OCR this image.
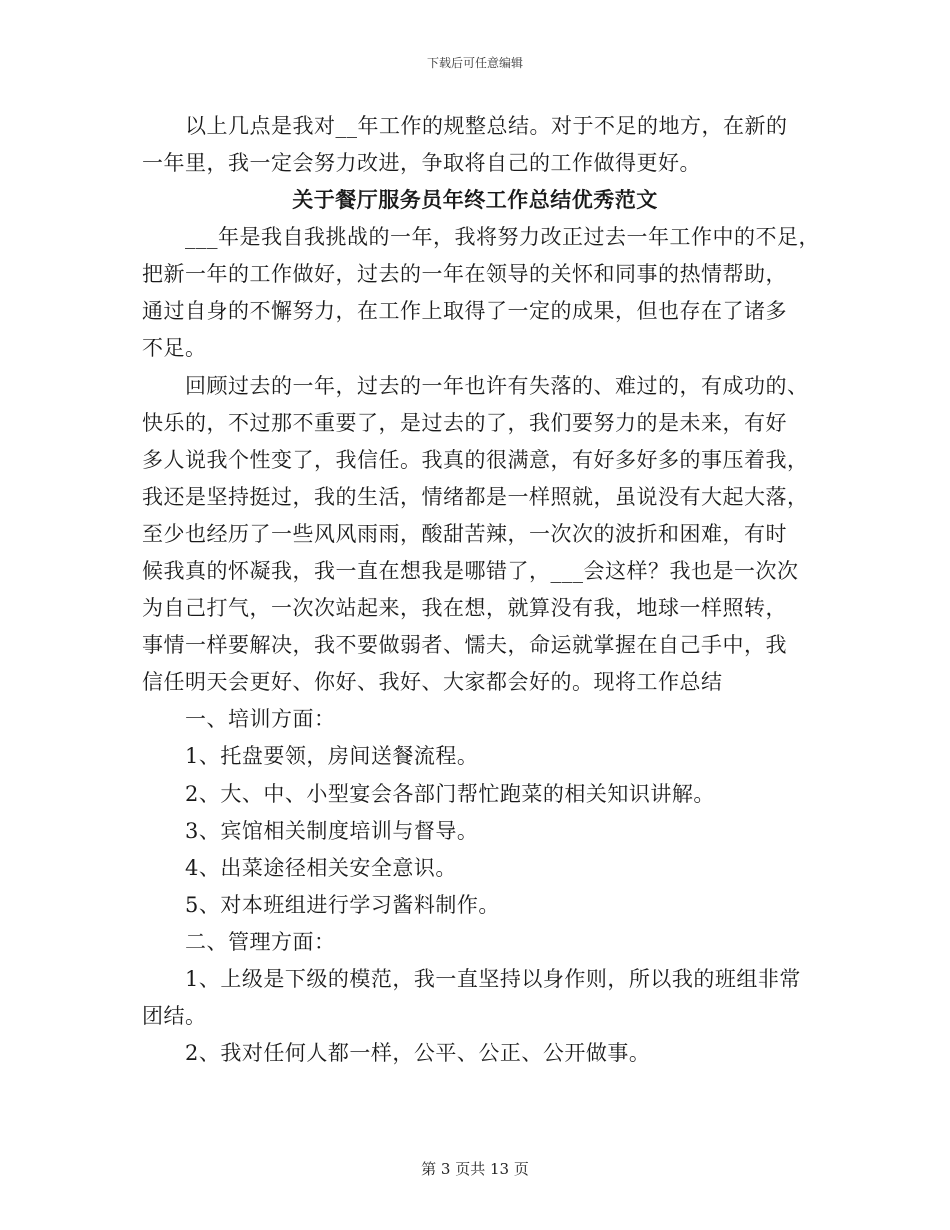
下载后可任意编辑
以上几点是我对__年工作的规整总结。对于不足的地方，在新的
一年里，我一定会努力改进，争取将自己的工作做得更好。
关于餐厅服务员年终工作总结优秀范文
___年是我自我挑战的一年，我将努力改正过去一年工作中的不足，
把新一年的工作做好，过去的一年在领导的关怀和同事的热情帮助，
通过自身的不懈努力，在工作上取得了一定的成果，但也存在了诸多
不足。
回顾过去的一年，过去的一年也许有失落的、难过的，有成功的、
快乐的，不过那不重要了，是过去的了，我们要努力的是未来，有好
多人说我个性变了，我信任。我真的很满意，有好多好多的事压着我，
我还是坚持挺过，我的生活，情绪都是一样照就，虽说没有大起大落，
至少也经历了一些风风雨雨，酸甜苦辣，一次次的波折和困难，有时
候我真的怀凝我，我一直在想我是哪错了，___会这样？我也是一次次
为自己打气，一次次站起来，我在想，就算没有我，地球一样照转，
事情一样要解决，我不要做弱者、懦夫，命运就掌握在自己手中，我
信任明天会更好、你好、我好、大家都会好的。现将工作总结
一、培训方面：
1、托盘要领，房间送餐流程。
2、大、中、小型宴会各部门帮忙跑菜的相关知识讲解。
3、宾馆相关制度培训与督导。
4、出菜途径相关安全意识。
5、对本班组进行学习酱料制作。
二、管理方面：
1、上级是下级的模范，我一直坚持以身作则，所以我的班组非常
团结。
2、我对任何人都一样，公平、公正、公开做事。
第 3 页共 13 页
